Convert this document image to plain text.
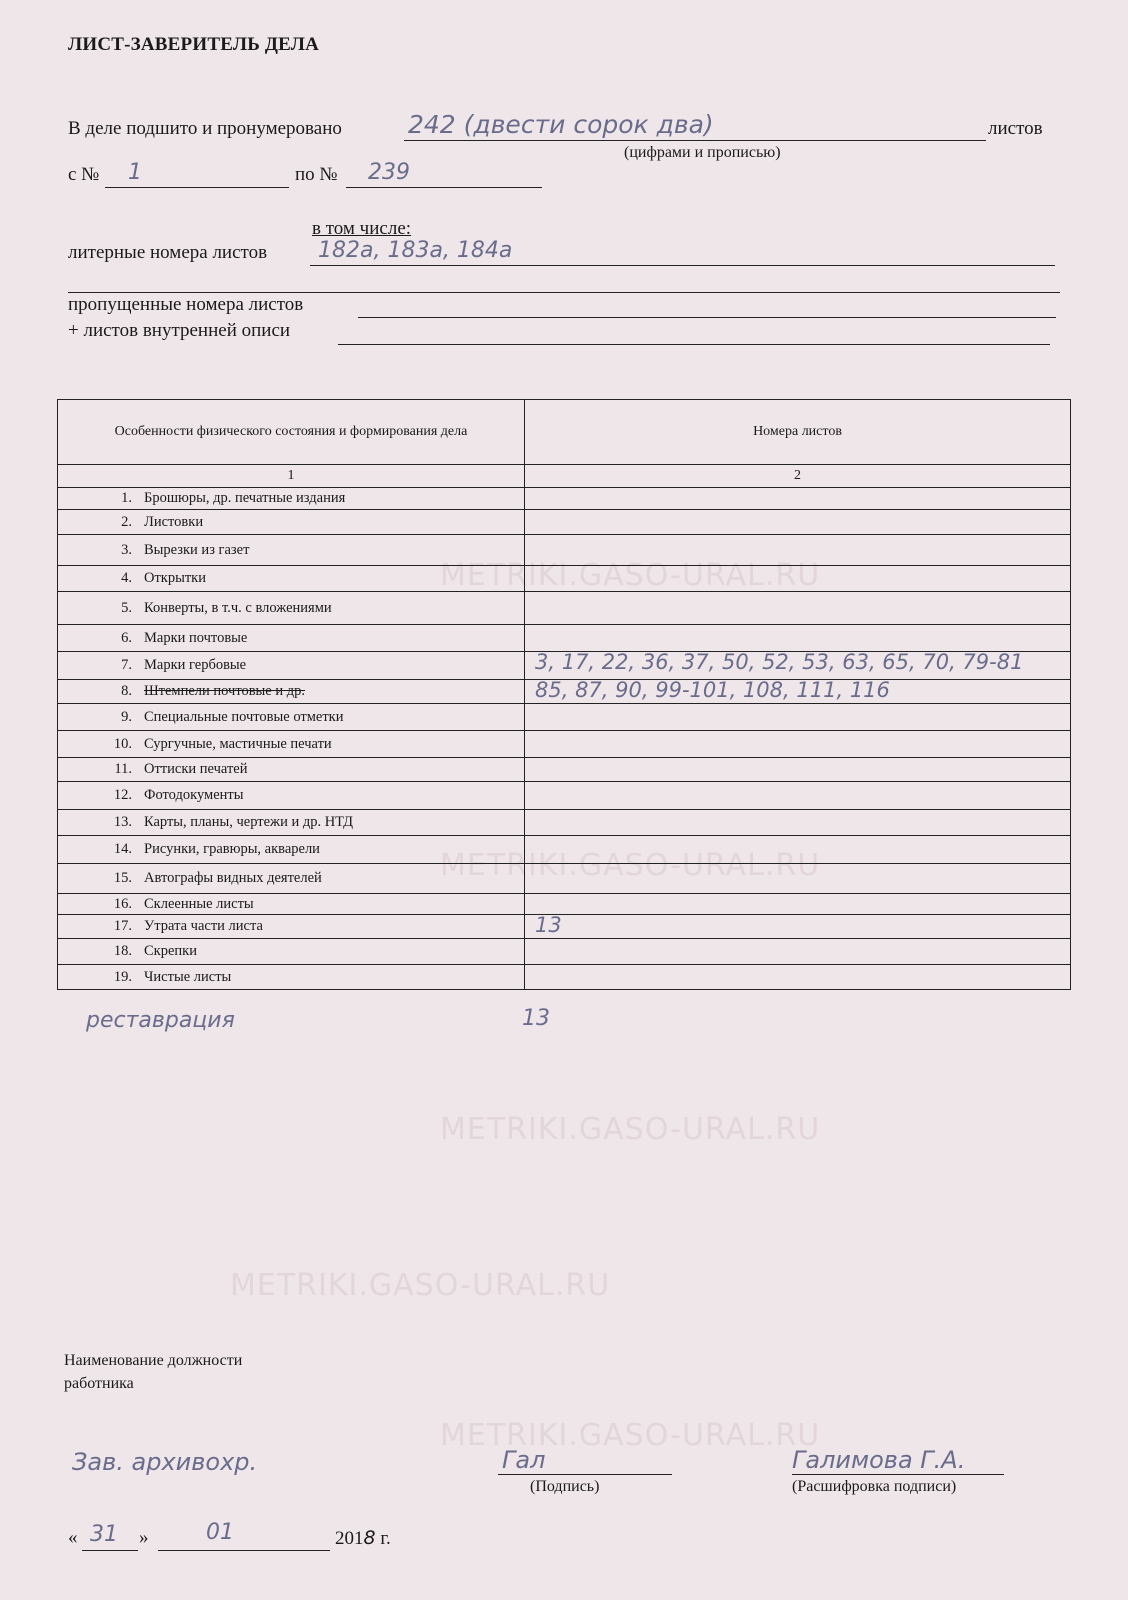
METRIKI.GASO-URAL.RU
METRIKI.GASO-URAL.RU
METRIKI.GASO-URAL.RU
METRIKI.GASO-URAL.RU
METRIKI.GASO-URAL.RU
ЛИСТ-ЗАВЕРИТЕЛЬ ДЕЛА
В деле подшито и пронумеровано	242 (двести сорок два)	листов
(цифрами и прописью)
с № 1	по № 239
в том числе:
литерные номера листов 182а, 183а, 184а
пропущенные номера листов
+ листов внутренней описи
Особенности физического состояния и формирования дела	Номера листов
1	2
1. Брошюры, др. печатные издания	

2. Листовки	

3. Вырезки из газет	

4. Открытки	

5. Конверты, в т.ч. с вложениями	

6. Марки почтовые	

7. Марки гербовые	3, 17, 22, 36, 37, 50, 52, 53, 63, 65, 70, 79-81

8. Штемпели почтовые и др.	85, 87, 90, 99-101, 108, 111, 116

9. Специальные почтовые отметки	

10. Сургучные, мастичные печати	

11. Оттиски печатей	

12. Фотодокументы	

13. Карты, планы, чертежи и др. НТД	

14. Рисунки, гравюры, акварели	

15. Автографы видных деятелей	

16. Склеенные листы	

17. Утрата части листа	13

18. Скрепки	

19. Чистые листы	
реставрация	13
Наименование должности
работника
Зав. архивохр.	Гал
(Подпись)
Галимова Г.А.
(Расшифровка подписи)
« 31 »	01	2018 г.
